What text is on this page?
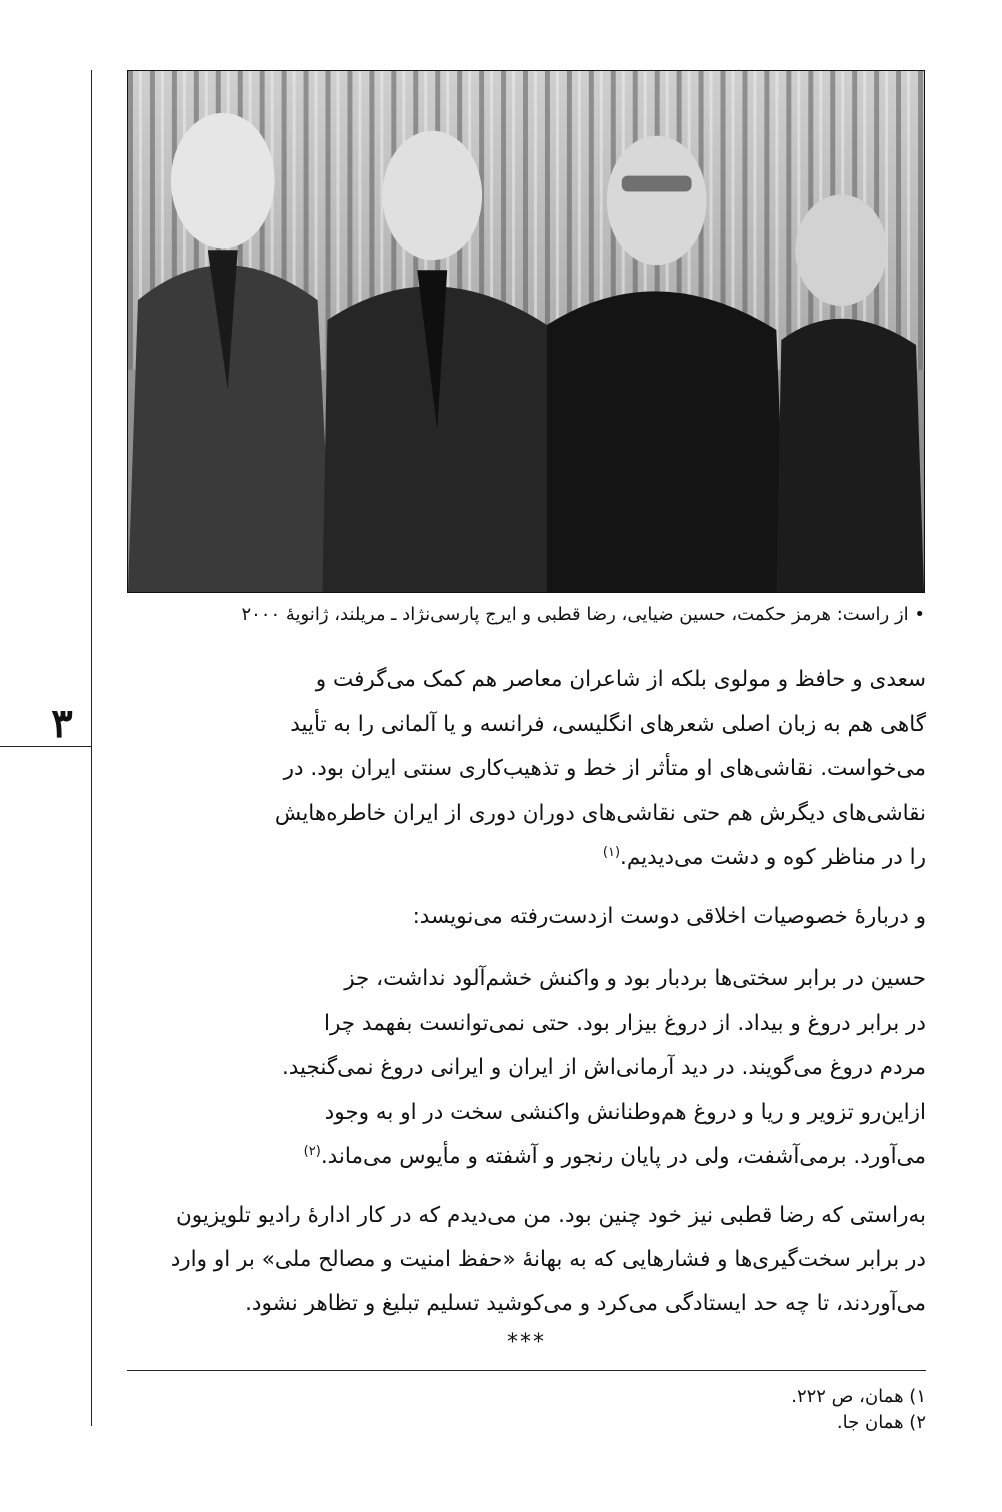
۳
• از راست: هرمز حکمت، حسین ضیایی، رضا قطبی و ایرج پارسی‌نژاد ـ مریلند، ژانویهٔ ۲۰۰۰
سعدی و حافظ و مولوی بلکه از شاعران معاصر هم کمک می‌گرفت و
گاهی هم به زبان اصلی شعرهای انگلیسی، فرانسه و یا آلمانی را به تأیید
می‌خواست. نقاشی‌های او متأثر از خط و تذهیب‌کاری سنتی ایران بود. در
نقاشی‌های دیگرش هم حتی نقاشی‌های دوران دوری از ایران خاطره‌هایش
را در مناظر کوه و دشت می‌دیدیم.$^{(۱)}$
و دربارهٔ خصوصیات اخلاقی دوست ازدست‌رفته می‌نویسد:
حسین در برابر سختی‌ها بردبار بود و واکنش خشم‌آلود نداشت، جز
در برابر دروغ و بیداد. از دروغ بیزار بود. حتی نمی‌توانست بفهمد چرا
مردم دروغ می‌گویند. در دید آرمانی‌اش از ایران و ایرانی دروغ نمی‌گنجید.
ازاین‌رو تزویر و ریا و دروغ هم‌وطنانش واکنشی سخت در او به وجود
می‌آورد. برمی‌آشفت، ولی در پایان رنجور و آشفته و مأیوس می‌ماند.$^{(۲)}$
به‌راستی که رضا قطبی نیز خود چنین بود. من می‌دیدم که در کار ادارهٔ رادیو تلویزیون
در برابر سخت‌گیری‌ها و فشارهایی که به بهانهٔ «حفظ امنیت و مصالح ملی» بر او وارد
می‌آوردند، تا چه حد ایستادگی می‌کرد و می‌کوشید تسلیم تبلیغ و تظاهر نشود.
***
۱) همان، ص ۲۲۲.
۲) همان جا.
